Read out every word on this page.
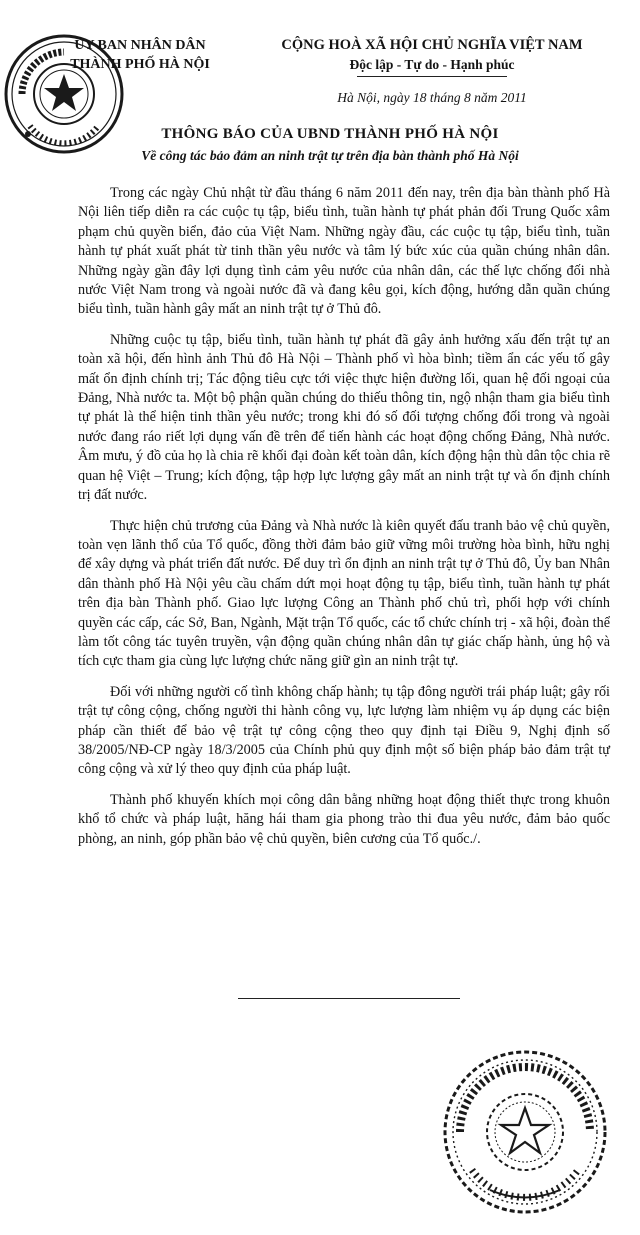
ỦY BAN NHÂN DÂN
THÀNH PHỐ HÀ NỘI
CỘNG HOÀ XÃ HỘI CHỦ NGHĨA VIỆT NAM
Độc lập - Tự do - Hạnh phúc
Hà Nội, ngày 18 tháng 8 năm 2011
THÔNG BÁO CỦA UBND THÀNH PHỐ HÀ NỘI
Về công tác bảo đảm an ninh trật tự trên địa bàn thành phố Hà Nội

Trong các ngày Chủ nhật từ đầu tháng 6 năm 2011 đến nay, trên địa bàn thành phố Hà Nội liên tiếp diễn ra các cuộc tụ tập, biểu tình, tuần hành tự phát phản đối Trung Quốc xâm phạm chủ quyền biển, đảo của Việt Nam. Những ngày đầu, các cuộc tụ tập, biểu tình, tuần hành tự phát xuất phát từ tinh thần yêu nước và tâm lý bức xúc của quần chúng nhân dân. Những ngày gần đây lợi dụng tình cảm yêu nước của nhân dân, các thế lực chống đối nhà nước Việt Nam trong và ngoài nước đã và đang kêu gọi, kích động, hướng dẫn quần chúng biểu tình, tuần hành gây mất an ninh trật tự ở Thủ đô.

Những cuộc tụ tập, biểu tình, tuần hành tự phát đã gây ảnh hưởng xấu đến trật tự an toàn xã hội, đến hình ảnh Thủ đô Hà Nội – Thành phố vì hòa bình; tiềm ẩn các yếu tố gây mất ổn định chính trị; Tác động tiêu cực tới việc thực hiện đường lối, quan hệ đối ngoại của Đảng, Nhà nước ta. Một bộ phận quần chúng do thiếu thông tin, ngộ nhận tham gia biểu tình tự phát là thể hiện tinh thần yêu nước; trong khi đó số đối tượng chống đối trong và ngoài nước đang ráo riết lợi dụng vấn đề trên để tiến hành các hoạt động chống Đảng, Nhà nước. Âm mưu, ý đồ của họ là chia rẽ khối đại đoàn kết toàn dân, kích động hận thù dân tộc chia rẽ quan hệ Việt – Trung; kích động, tập hợp lực lượng gây mất an ninh trật tự và ổn định chính trị đất nước.

Thực hiện chủ trương của Đảng và Nhà nước là kiên quyết đấu tranh bảo vệ chủ quyền, toàn vẹn lãnh thổ của Tổ quốc, đồng thời đảm bảo giữ vững môi trường hòa bình, hữu nghị để xây dựng và phát triển đất nước. Để duy trì ổn định an ninh trật tự ở Thủ đô, Ủy ban Nhân dân thành phố Hà Nội yêu cầu chấm dứt mọi hoạt động tụ tập, biểu tình, tuần hành tự phát trên địa bàn Thành phố. Giao lực lượng Công an Thành phố chủ trì, phối hợp với chính quyền các cấp, các Sở, Ban, Ngành, Mặt trận Tổ quốc, các tổ chức chính trị - xã hội, đoàn thể làm tốt công tác tuyên truyền, vận động quần chúng nhân dân tự giác chấp hành, ủng hộ và tích cực tham gia cùng lực lượng chức năng giữ gìn an ninh trật tự.

Đối với những người cố tình không chấp hành; tụ tập đông người trái pháp luật; gây rối trật tự công cộng, chống người thi hành công vụ, lực lượng làm nhiệm vụ áp dụng các biện pháp cần thiết để bảo vệ trật tự công cộng theo quy định tại Điều 9, Nghị định số 38/2005/NĐ-CP ngày 18/3/2005 của Chính phủ quy định một số biện pháp bảo đảm trật tự công cộng và xử lý theo quy định của pháp luật.

Thành phố khuyến khích mọi công dân bằng những hoạt động thiết thực trong khuôn khổ tổ chức và pháp luật, hăng hái tham gia phong trào thi đua yêu nước, đảm bảo quốc phòng, an ninh, góp phần bảo vệ chủ quyền, biên cương của Tổ quốc./.
